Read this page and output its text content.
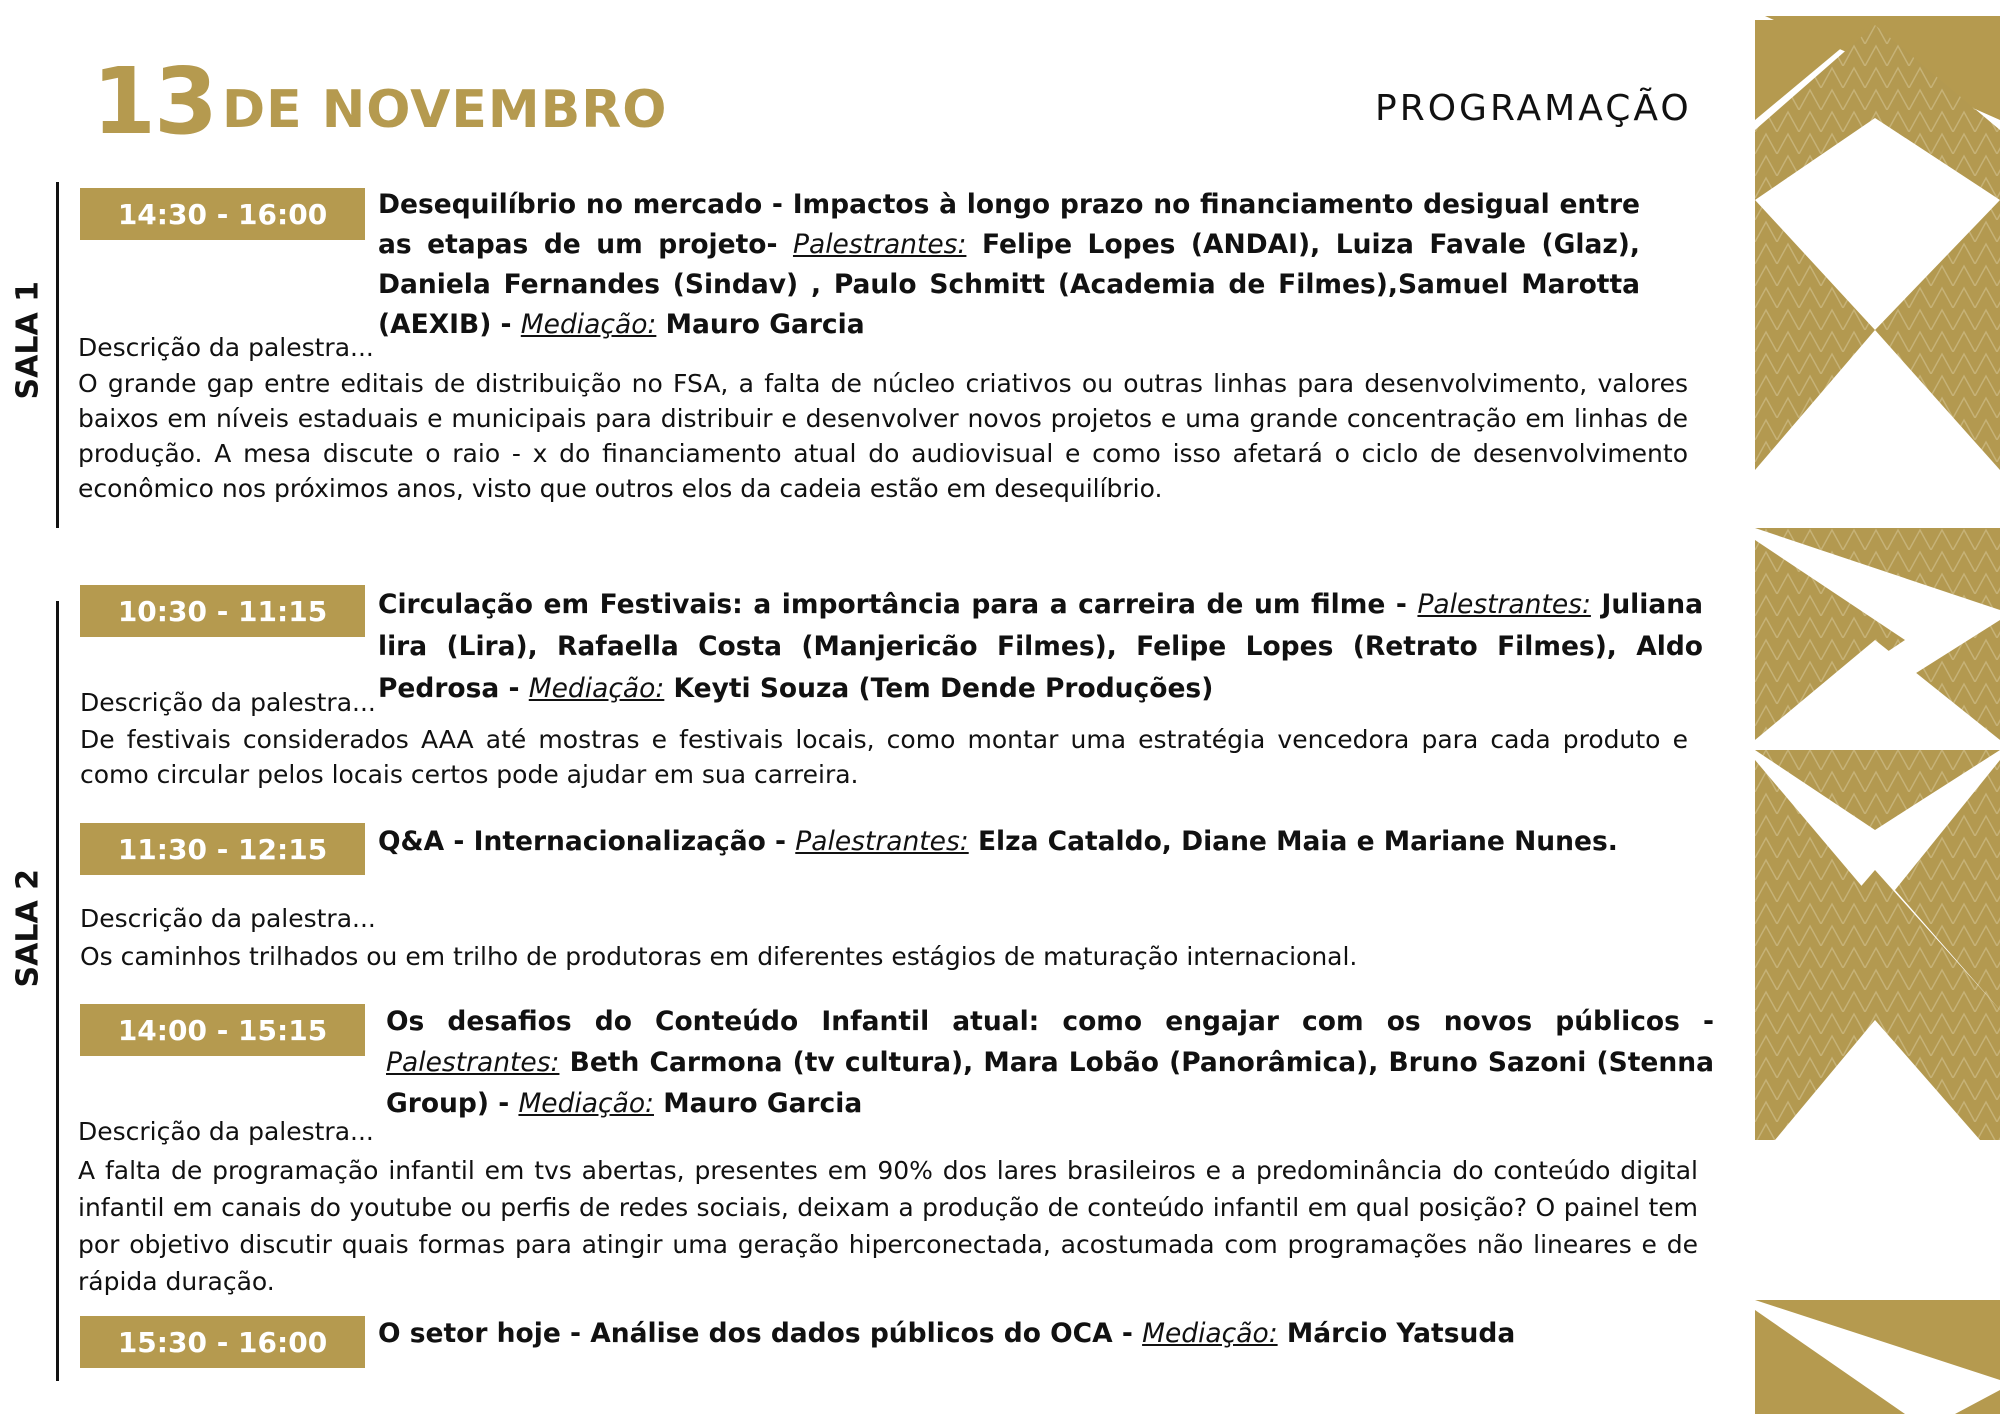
13 DE NOVEMBRO	PROGRAMAÇÃO
SALA 1
14:30 - 16:00	Desequilíbrio no mercado - Impactos à longo prazo no financiamento desigual entre as etapas de um projeto- Palestrantes: Felipe Lopes (ANDAI), Luiza Favale (Glaz), Daniela Fernandes (Sindav) , Paulo Schmitt (Academia de Filmes),Samuel Marotta (AEXIB) - Mediação: Mauro Garcia
Descrição da palestra...
O grande gap entre editais de distribuição no FSA, a falta de núcleo criativos ou outras linhas para desenvolvimento, valores baixos em níveis estaduais e municipais para distribuir e desenvolver novos projetos e uma grande concentração em linhas de produção. A mesa discute o raio - x do financiamento atual do audiovisual e como isso afetará o ciclo de desenvolvimento econômico nos próximos anos, visto que outros elos da cadeia estão em desequilíbrio.
SALA 2
10:30 - 11:15	Circulação em Festivais: a importância para a carreira de um filme - Palestrantes: Juliana lira (Lira), Rafaella Costa (Manjericão Filmes), Felipe Lopes (Retrato Filmes), Aldo Pedrosa - Mediação: Keyti Souza (Tem Dende Produções)
Descrição da palestra...
De festivais considerados AAA até mostras e festivais locais, como montar uma estratégia vencedora para cada produto e como circular pelos locais certos pode ajudar em sua carreira.
11:30 - 12:15	Q&A - Internacionalização - Palestrantes: Elza Cataldo, Diane Maia e Mariane Nunes.
Descrição da palestra...
Os caminhos trilhados ou em trilho de produtoras em diferentes estágios de maturação internacional.
14:00 - 15:15	Os desafios do Conteúdo Infantil atual: como engajar com os novos públicos - Palestrantes: Beth Carmona (tv cultura), Mara Lobão (Panorâmica), Bruno Sazoni (Stenna Group) - Mediação: Mauro Garcia
Descrição da palestra...
A falta de programação infantil em tvs abertas, presentes em 90% dos lares brasileiros e a predominância do conteúdo digital infantil em canais do youtube ou perfis de redes sociais, deixam a produção de conteúdo infantil em qual posição? O painel tem por objetivo discutir quais formas para atingir uma geração hiperconectada, acostumada com programações não lineares e de rápida duração.
15:30 - 16:00	O setor hoje - Análise dos dados públicos do OCA - Mediação: Márcio Yatsuda
